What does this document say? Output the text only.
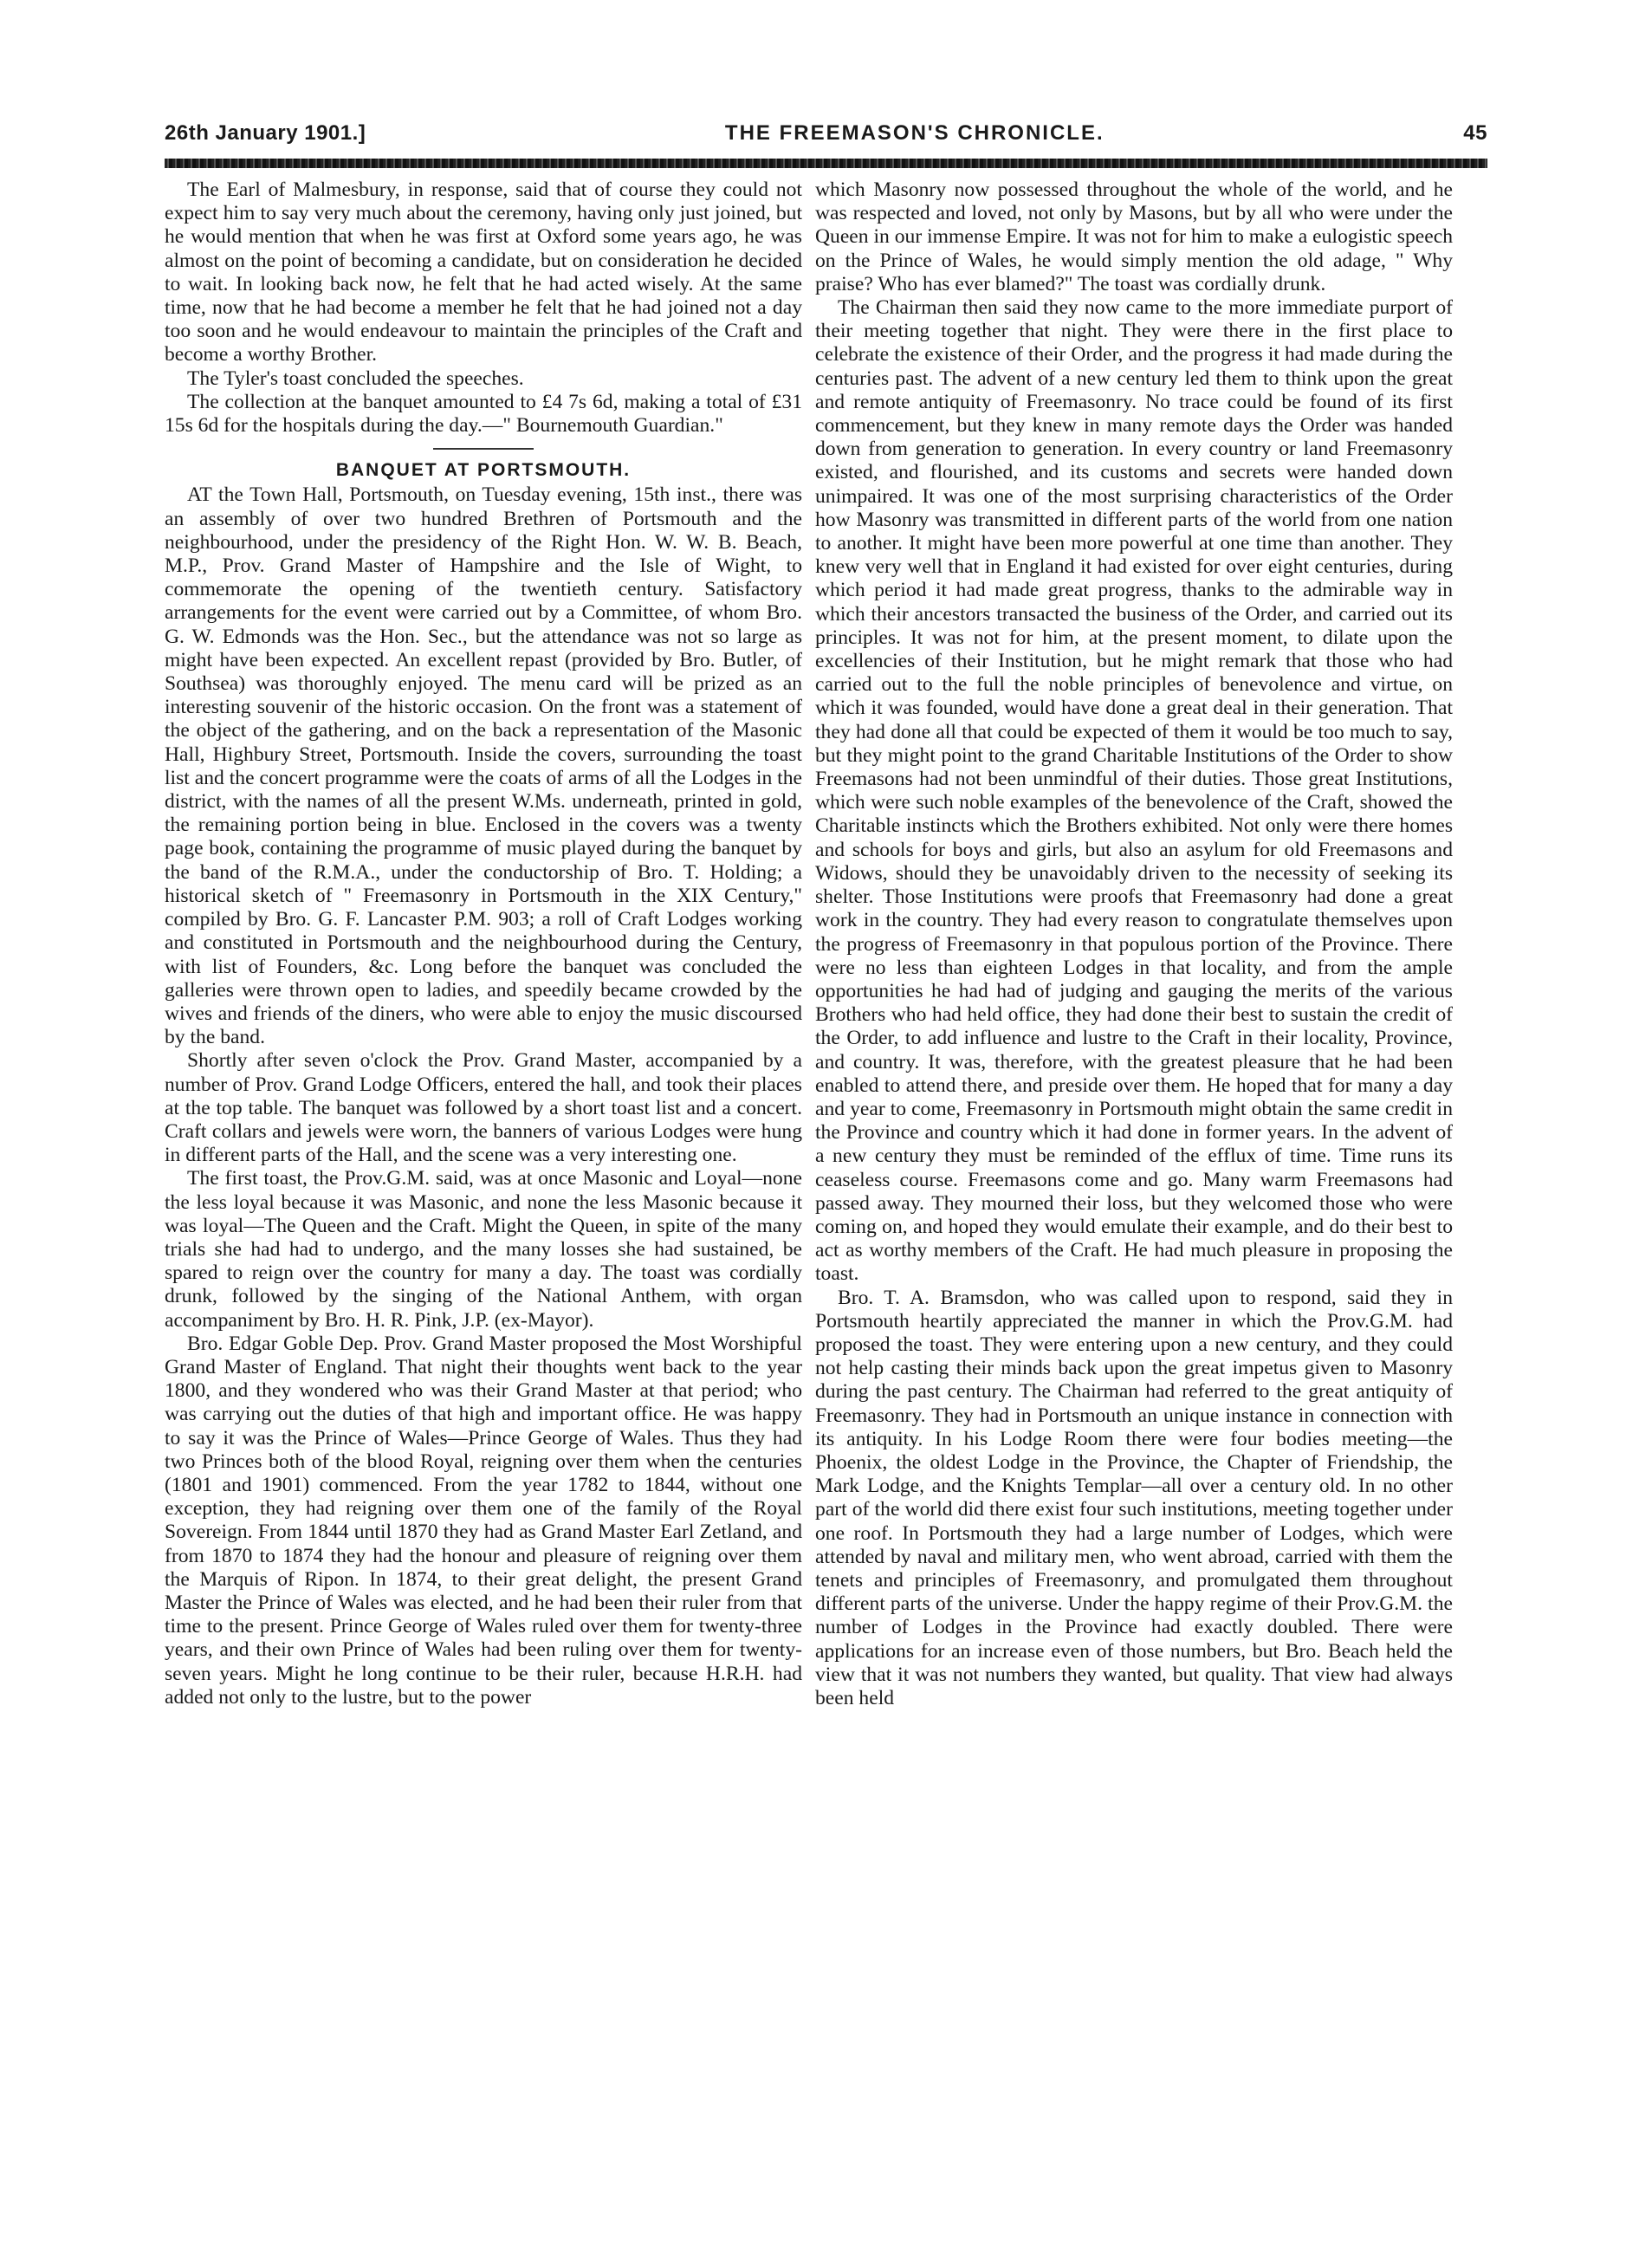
26th January 1901.]	THE FREEMASON'S CHRONICLE.	45

The Earl of Malmesbury, in response, said that of course they could not expect him to say very much about the ceremony, having only just joined, but he would mention that when he was first at Oxford some years ago, he was almost on the point of becoming a candidate, but on consideration he decided to wait. In looking back now, he felt that he had acted wisely. At the same time, now that he had become a member he felt that he had joined not a day too soon and he would endeavour to maintain the principles of the Craft and become a worthy Brother.

The Tyler's toast concluded the speeches.

The collection at the banquet amounted to £4 7s 6d, making a total of £31 15s 6d for the hospitals during the day.—" Bournemouth Guardian."

BANQUET AT PORTSMOUTH.

AT the Town Hall, Portsmouth, on Tuesday evening, 15th inst., there was an assembly of over two hundred Brethren of Portsmouth and the neighbourhood, under the presidency of the Right Hon. W. W. B. Beach, M.P., Prov. Grand Master of Hampshire and the Isle of Wight, to commemorate the opening of the twentieth century. Satisfactory arrangements for the event were carried out by a Committee, of whom Bro. G. W. Edmonds was the Hon. Sec., but the attendance was not so large as might have been expected. An excellent repast (provided by Bro. Butler, of Southsea) was thoroughly enjoyed. The menu card will be prized as an interesting souvenir of the historic occasion. On the front was a statement of the object of the gathering, and on the back a representation of the Masonic Hall, Highbury Street, Portsmouth. Inside the covers, surrounding the toast list and the concert programme were the coats of arms of all the Lodges in the district, with the names of all the present W.Ms. underneath, printed in gold, the remaining portion being in blue. Enclosed in the covers was a twenty page book, containing the programme of music played during the banquet by the band of the R.M.A., under the conductorship of Bro. T. Holding; a historical sketch of " Freemasonry in Portsmouth in the XIX Century," compiled by Bro. G. F. Lancaster P.M. 903; a roll of Craft Lodges working and constituted in Portsmouth and the neighbourhood during the Century, with list of Founders, &c. Long before the banquet was concluded the galleries were thrown open to ladies, and speedily became crowded by the wives and friends of the diners, who were able to enjoy the music discoursed by the band.

Shortly after seven o'clock the Prov. Grand Master, accompanied by a number of Prov. Grand Lodge Officers, entered the hall, and took their places at the top table. The banquet was followed by a short toast list and a concert. Craft collars and jewels were worn, the banners of various Lodges were hung in different parts of the Hall, and the scene was a very interesting one.

The first toast, the Prov.G.M. said, was at once Masonic and Loyal—none the less loyal because it was Masonic, and none the less Masonic because it was loyal—The Queen and the Craft. Might the Queen, in spite of the many trials she had had to undergo, and the many losses she had sustained, be spared to reign over the country for many a day. The toast was cordially drunk, followed by the singing of the National Anthem, with organ accompaniment by Bro. H. R. Pink, J.P. (ex-Mayor).

Bro. Edgar Goble Dep. Prov. Grand Master proposed the Most Worshipful Grand Master of England. That night their thoughts went back to the year 1800, and they wondered who was their Grand Master at that period; who was carrying out the duties of that high and important office. He was happy to say it was the Prince of Wales—Prince George of Wales. Thus they had two Princes both of the blood Royal, reigning over them when the centuries (1801 and 1901) commenced. From the year 1782 to 1844, without one exception, they had reigning over them one of the family of the Royal Sovereign. From 1844 until 1870 they had as Grand Master Earl Zetland, and from 1870 to 1874 they had the honour and pleasure of reigning over them the Marquis of Ripon. In 1874, to their great delight, the present Grand Master the Prince of Wales was elected, and he had been their ruler from that time to the present. Prince George of Wales ruled over them for twenty-three years, and their own Prince of Wales had been ruling over them for twenty-seven years. Might he long continue to be their ruler, because H.R.H. had added not only to the lustre, but to the power

which Masonry now possessed throughout the whole of the world, and he was respected and loved, not only by Masons, but by all who were under the Queen in our immense Empire. It was not for him to make a eulogistic speech on the Prince of Wales, he would simply mention the old adage, " Why praise? Who has ever blamed?" The toast was cordially drunk.

The Chairman then said they now came to the more immediate purport of their meeting together that night. They were there in the first place to celebrate the existence of their Order, and the progress it had made during the centuries past. The advent of a new century led them to think upon the great and remote antiquity of Freemasonry. No trace could be found of its first commencement, but they knew in many remote days the Order was handed down from generation to generation. In every country or land Freemasonry existed, and flourished, and its customs and secrets were handed down unimpaired. It was one of the most surprising characteristics of the Order how Masonry was transmitted in different parts of the world from one nation to another. It might have been more powerful at one time than another. They knew very well that in England it had existed for over eight centuries, during which period it had made great progress, thanks to the admirable way in which their ancestors transacted the business of the Order, and carried out its principles. It was not for him, at the present moment, to dilate upon the excellencies of their Institution, but he might remark that those who had carried out to the full the noble principles of benevolence and virtue, on which it was founded, would have done a great deal in their generation. That they had done all that could be expected of them it would be too much to say, but they might point to the grand Charitable Institutions of the Order to show Freemasons had not been unmindful of their duties. Those great Institutions, which were such noble examples of the benevolence of the Craft, showed the Charitable instincts which the Brothers exhibited. Not only were there homes and schools for boys and girls, but also an asylum for old Freemasons and Widows, should they be unavoidably driven to the necessity of seeking its shelter. Those Institutions were proofs that Freemasonry had done a great work in the country. They had every reason to congratulate themselves upon the progress of Freemasonry in that populous portion of the Province. There were no less than eighteen Lodges in that locality, and from the ample opportunities he had had of judging and gauging the merits of the various Brothers who had held office, they had done their best to sustain the credit of the Order, to add influence and lustre to the Craft in their locality, Province, and country. It was, therefore, with the greatest pleasure that he had been enabled to attend there, and preside over them. He hoped that for many a day and year to come, Freemasonry in Portsmouth might obtain the same credit in the Province and country which it had done in former years. In the advent of a new century they must be reminded of the efflux of time. Time runs its ceaseless course. Freemasons come and go. Many warm Freemasons had passed away. They mourned their loss, but they welcomed those who were coming on, and hoped they would emulate their example, and do their best to act as worthy members of the Craft. He had much pleasure in proposing the toast.

Bro. T. A. Bramsdon, who was called upon to respond, said they in Portsmouth heartily appreciated the manner in which the Prov.G.M. had proposed the toast. They were entering upon a new century, and they could not help casting their minds back upon the great impetus given to Masonry during the past century. The Chairman had referred to the great antiquity of Freemasonry. They had in Portsmouth an unique instance in connection with its antiquity. In his Lodge Room there were four bodies meeting—the Phoenix, the oldest Lodge in the Province, the Chapter of Friendship, the Mark Lodge, and the Knights Templar—all over a century old. In no other part of the world did there exist four such institutions, meeting together under one roof. In Portsmouth they had a large number of Lodges, which were attended by naval and military men, who went abroad, carried with them the tenets and principles of Freemasonry, and promulgated them throughout different parts of the universe. Under the happy regime of their Prov.G.M. the number of Lodges in the Province had exactly doubled. There were applications for an increase even of those numbers, but Bro. Beach held the view that it was not numbers they wanted, but quality. That view had always been held
